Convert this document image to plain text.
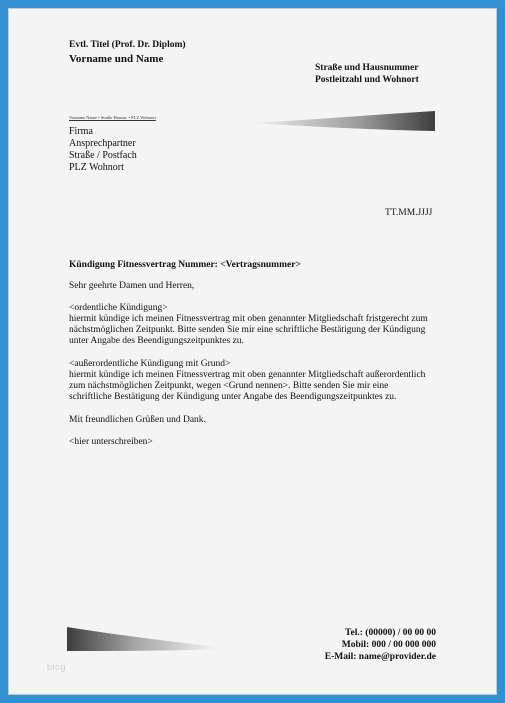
Evtl. Titel (Prof. Dr. Diplom)
Vorname und Name
Straße und Hausnummer
Postleitzahl und Wohnort
Vorname Name • Straße Hausnr. • PLZ Wohnort
Firma
Ansprechpartner
Straße / Postfach
PLZ Wohnort
TT.MM.JJJJ
Kündigung Fitnessvertrag Nummer: <Vertragsnummer>
Sehr geehrte Damen und Herren,
<ordentliche Kündigung>
hiermit kündige ich meinen Fitnessvertrag mit oben genannter Mitgliedschaft fristgerecht zum
nächstmöglichen Zeitpunkt. Bitte senden Sie mir eine schriftliche Bestätigung der Kündigung
unter Angabe des Beendigungszeitpunktes zu.
<außerordentliche Kündigung mit Grund>
hiermit kündige ich meinen Fitnessvertrag mit oben genannter Mitgliedschaft außerordentlich
zum nächstmöglichen Zeitpunkt, wegen <Grund nennen>. Bitte senden Sie mir eine
schriftliche Bestätigung der Kündigung unter Angabe des Beendigungszeitpunktes zu.
Mit freundlichen Grüßen und Dank.
<hier unterschreiben>
Tel.: (00000) / 00 00 00
Mobil: 000 / 00 000 000
E-Mail: name@provider.de
blog
